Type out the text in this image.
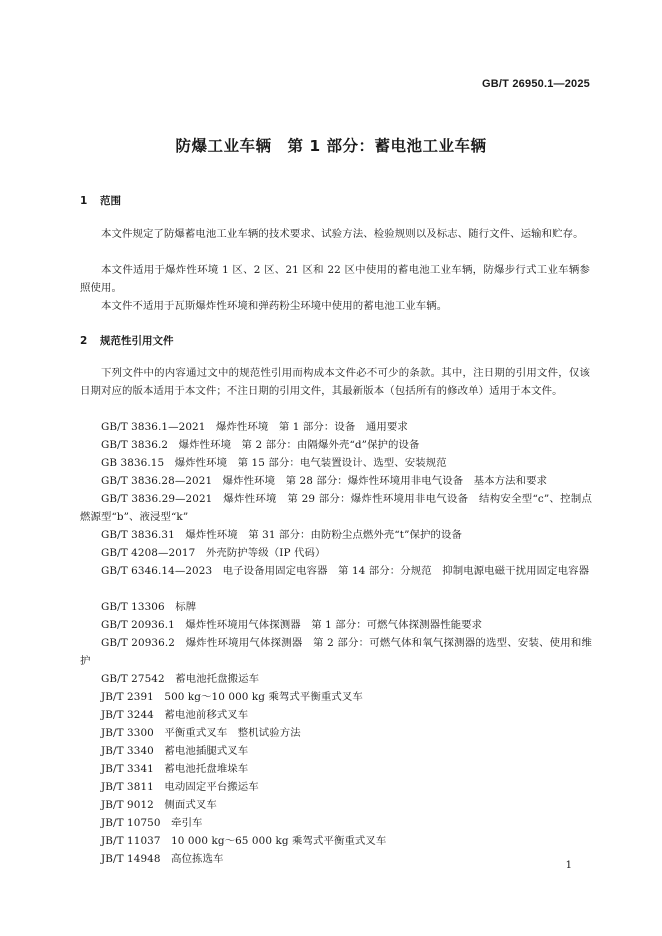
GB/T 26950.1—2025
防爆工业车辆　第 1 部分：蓄电池工业车辆
1 范围
本文件规定了防爆蓄电池工业车辆的技术要求、试验方法、检验规则以及标志、随行文件、运输和贮存。
本文件适用于爆炸性环境 1 区、2 区、21 区和 22 区中使用的蓄电池工业车辆，防爆步行式工业车辆参照使用。
本文件不适用于瓦斯爆炸性环境和弹药粉尘环境中使用的蓄电池工业车辆。
2 规范性引用文件
下列文件中的内容通过文中的规范性引用而构成本文件必不可少的条款。其中，注日期的引用文件，仅该日期对应的版本适用于本文件；不注日期的引用文件，其最新版本（包括所有的修改单）适用于本文件。
GB/T 3836.1—2021　爆炸性环境　第 1 部分：设备　通用要求
GB/T 3836.2　爆炸性环境　第 2 部分：由隔爆外壳“d”保护的设备
GB 3836.15　爆炸性环境　第 15 部分：电气装置设计、选型、安装规范
GB/T 3836.28—2021　爆炸性环境　第 28 部分：爆炸性环境用非电气设备　基本方法和要求
GB/T 3836.29—2021　爆炸性环境　第 29 部分：爆炸性环境用非电气设备　结构安全型“c”、控制点燃源型“b”、液浸型“k”
GB/T 3836.31　爆炸性环境　第 31 部分：由防粉尘点燃外壳“t”保护的设备
GB/T 4208—2017　外壳防护等级（IP 代码）
GB/T 6346.14—2023　电子设备用固定电容器　第 14 部分：分规范　抑制电源电磁干扰用固定电容器
GB/T 13306　标牌
GB/T 20936.1　爆炸性环境用气体探测器　第 1 部分：可燃气体探测器性能要求
GB/T 20936.2　爆炸性环境用气体探测器　第 2 部分：可燃气体和氧气探测器的选型、安装、使用和维护
GB/T 27542　蓄电池托盘搬运车
JB/T 2391　500 kg～10 000 kg 乘驾式平衡重式叉车
JB/T 3244　蓄电池前移式叉车
JB/T 3300　平衡重式叉车　整机试验方法
JB/T 3340　蓄电池插腿式叉车
JB/T 3341　蓄电池托盘堆垛车
JB/T 3811　电动固定平台搬运车
JB/T 9012　侧面式叉车
JB/T 10750　牵引车
JB/T 11037　10 000 kg～65 000 kg 乘驾式平衡重式叉车
JB/T 14948　高位拣选车
1
